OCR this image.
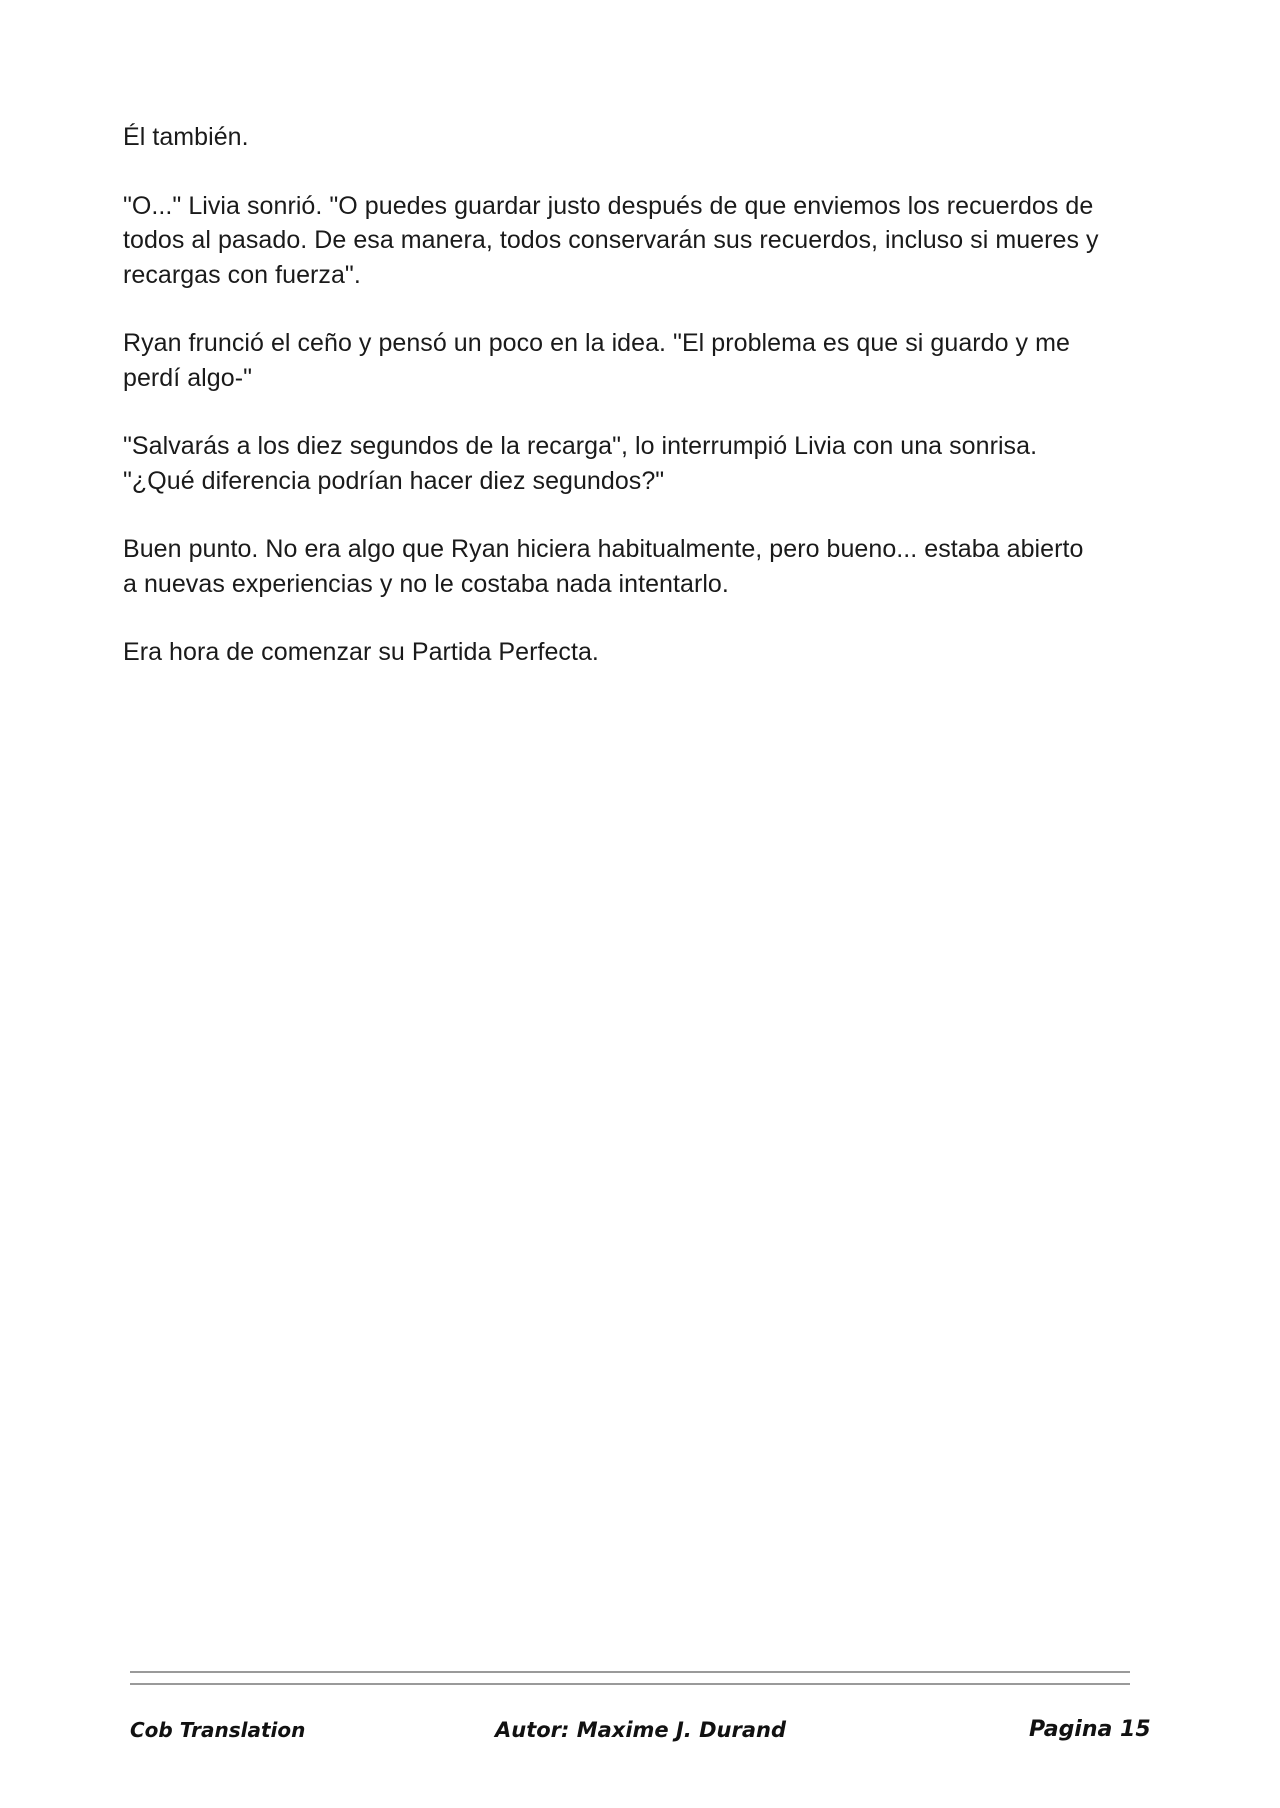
Él también.

"O..." Livia sonrió. "O puedes guardar justo después de que enviemos los recuerdos de
todos al pasado. De esa manera, todos conservarán sus recuerdos, incluso si mueres y
recargas con fuerza".

Ryan frunció el ceño y pensó un poco en la idea. "El problema es que si guardo y me
perdí algo-"

"Salvarás a los diez segundos de la recarga", lo interrumpió Livia con una sonrisa.
"¿Qué diferencia podrían hacer diez segundos?"

Buen punto. No era algo que Ryan hiciera habitualmente, pero bueno... estaba abierto
a nuevas experiencias y no le costaba nada intentarlo.

Era hora de comenzar su Partida Perfecta.

Cob Translation	Autor: Maxime J. Durand	Pagina 15
